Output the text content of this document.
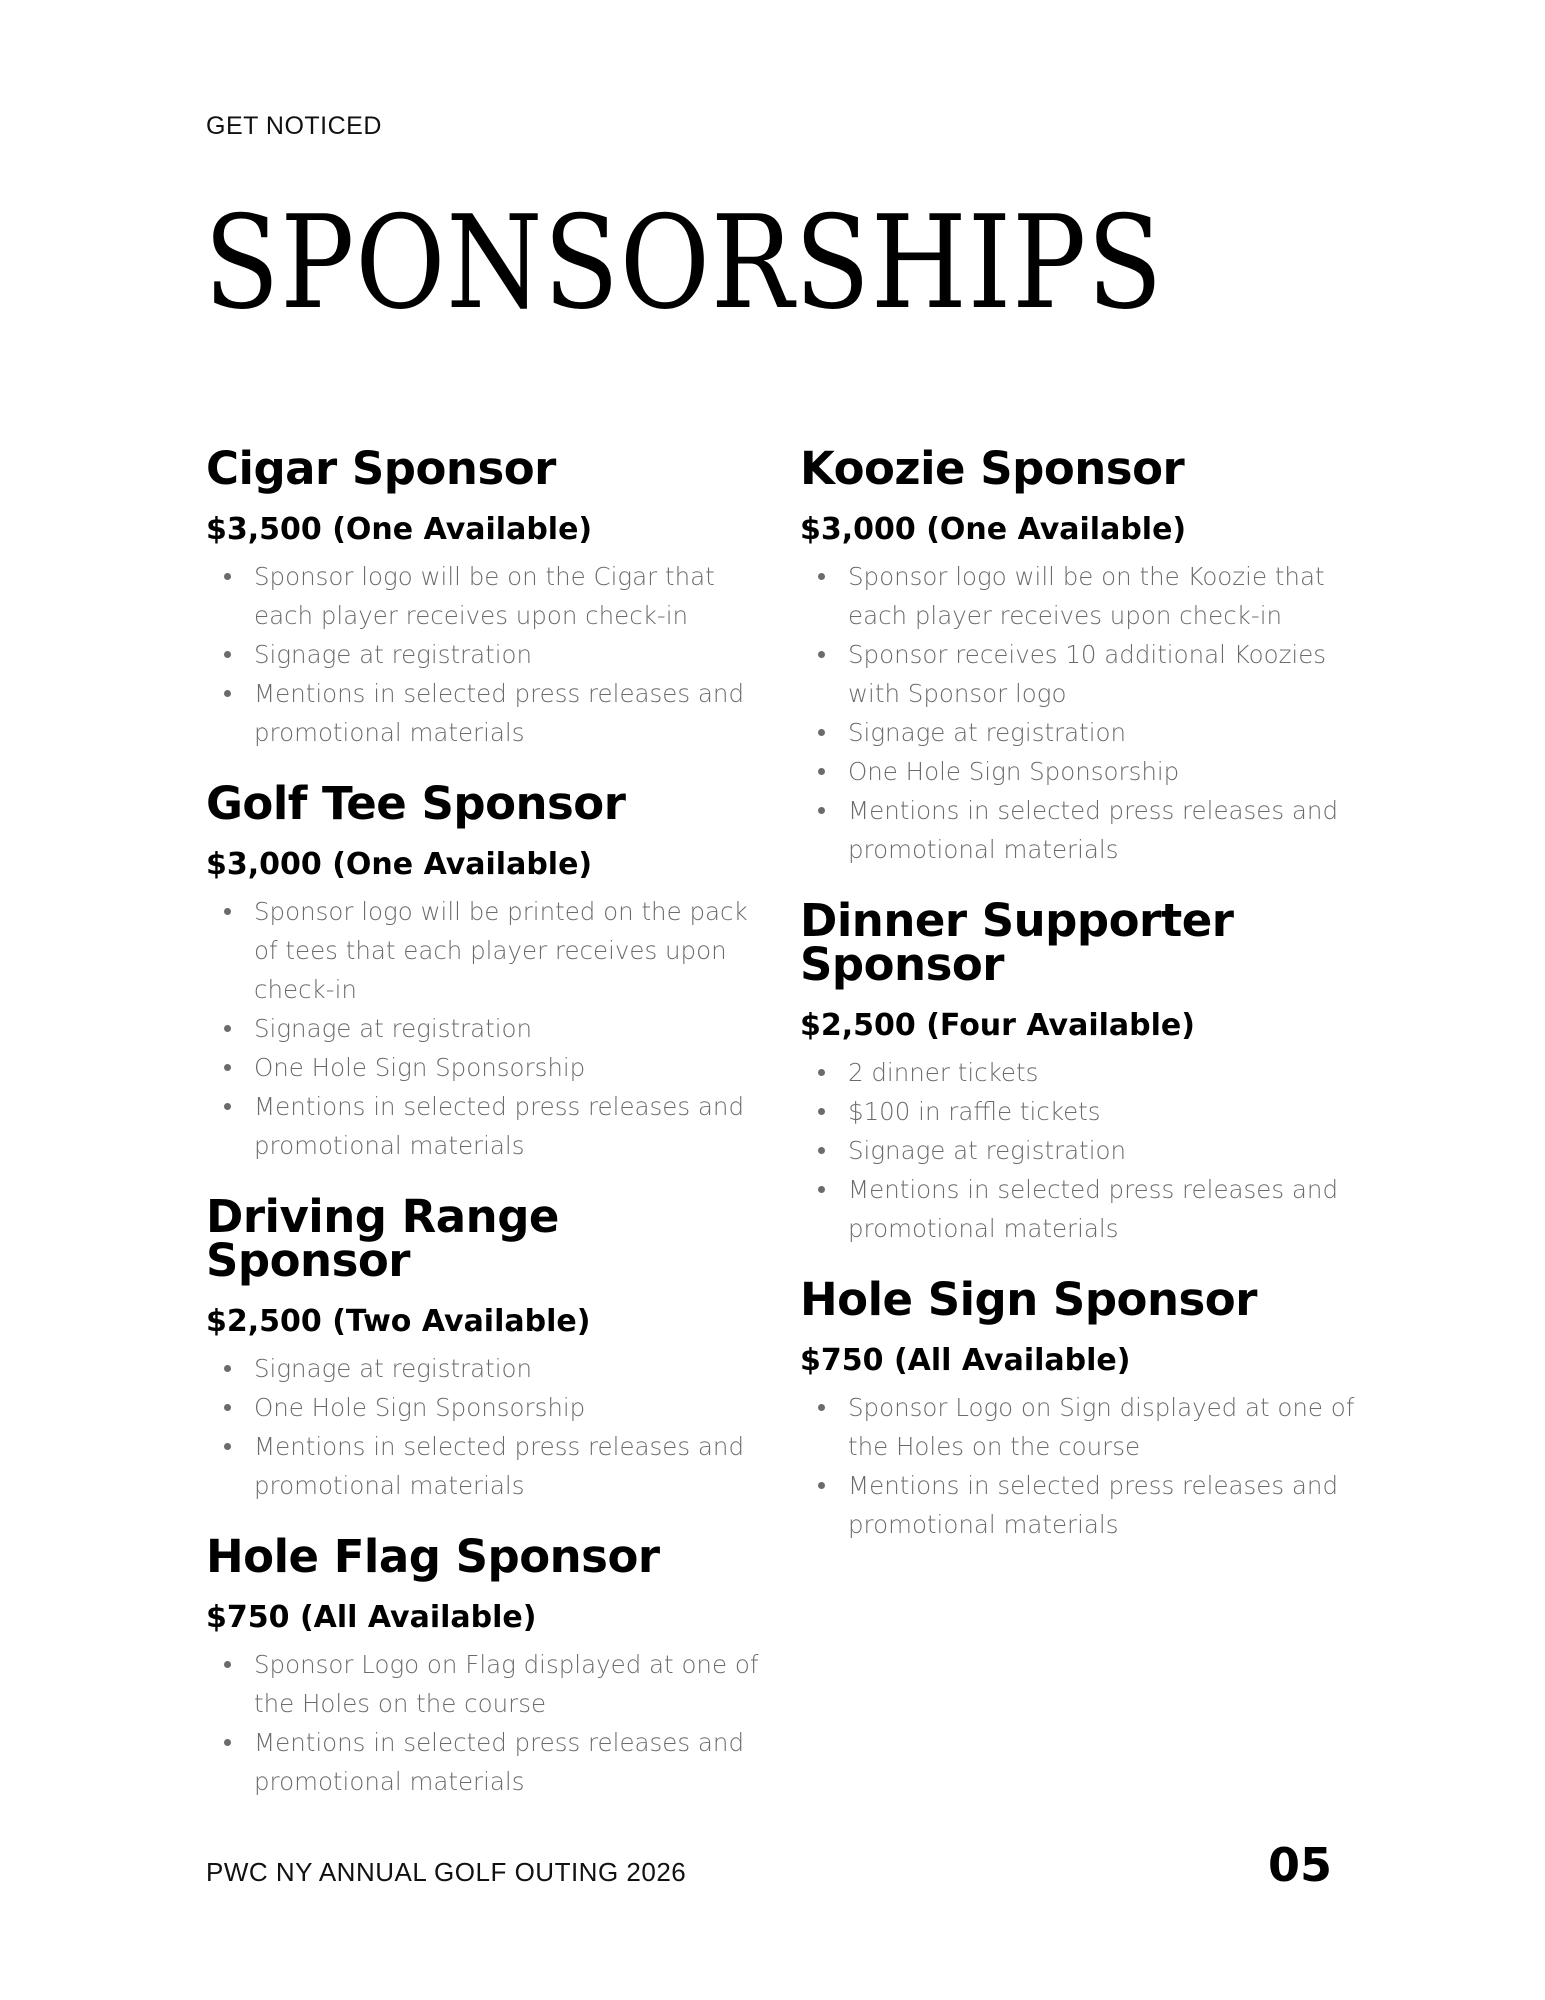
GET NOTICED
SPONSORSHIPS
Cigar Sponsor
$3,500 (One Available)
Sponsor logo will be on the Cigar that each player receives upon check-in
Signage at registration
Mentions in selected press releases and promotional materials
Golf Tee Sponsor
$3,000 (One Available)
Sponsor logo will be printed on the pack of tees that each player receives upon check-in
Signage at registration
One Hole Sign Sponsorship
Mentions in selected press releases and promotional materials
Driving Range Sponsor
$2,500 (Two Available)
Signage at registration
One Hole Sign Sponsorship
Mentions in selected press releases and promotional materials
Hole Flag Sponsor
$750 (All Available)
Sponsor Logo on Flag displayed at one of the Holes on the course
Mentions in selected press releases and promotional materials
Koozie Sponsor
$3,000 (One Available)
Sponsor logo will be on the Koozie that each player receives upon check-in
Sponsor receives 10 additional Koozies with Sponsor logo
Signage at registration
One Hole Sign Sponsorship
Mentions in selected press releases and promotional materials
Dinner Supporter Sponsor
$2,500 (Four Available)
2 dinner tickets
$100 in raffle tickets
Signage at registration
Mentions in selected press releases and promotional materials
Hole Sign Sponsor
$750 (All Available)
Sponsor Logo on Sign displayed at one of the Holes on the course
Mentions in selected press releases and promotional materials
PWC NY ANNUAL GOLF OUTING 2026	05
